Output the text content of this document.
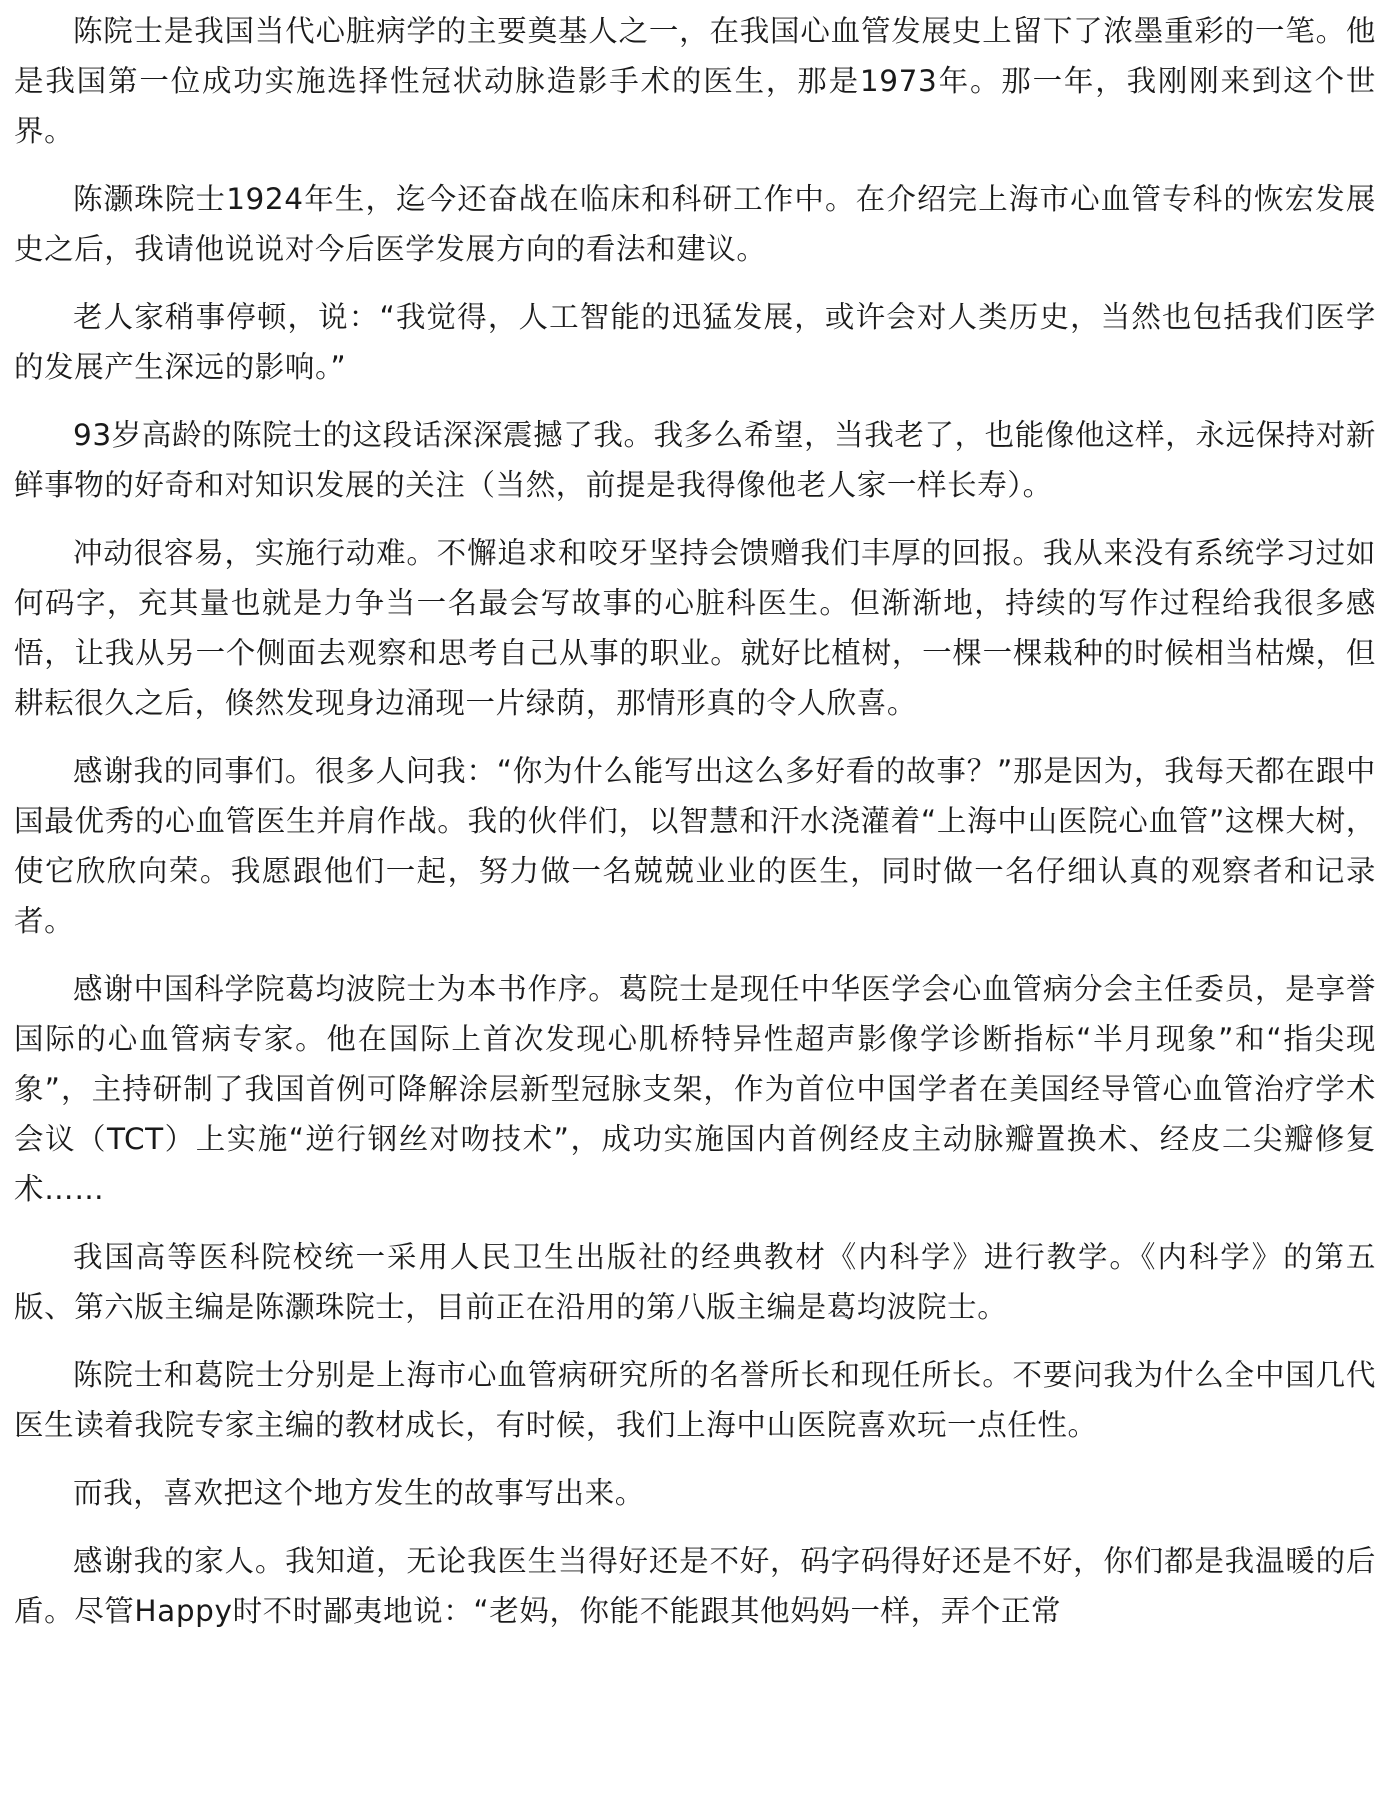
陈院士是我国当代心脏病学的主要奠基人之一，在我国心血管发展史上留下了浓墨重彩的一笔。他是我国第一位成功实施选择性冠状动脉造影手术的医生，那是1973年。那一年，我刚刚来到这个世界。

陈灏珠院士1924年生，迄今还奋战在临床和科研工作中。在介绍完上海市心血管专科的恢宏发展史之后，我请他说说对今后医学发展方向的看法和建议。

老人家稍事停顿，说：“我觉得，人工智能的迅猛发展，或许会对人类历史，当然也包括我们医学的发展产生深远的影响。”

93岁高龄的陈院士的这段话深深震撼了我。我多么希望，当我老了，也能像他这样，永远保持对新鲜事物的好奇和对知识发展的关注（当然，前提是我得像他老人家一样长寿）。

冲动很容易，实施行动难。不懈追求和咬牙坚持会馈赠我们丰厚的回报。我从来没有系统学习过如何码字，充其量也就是力争当一名最会写故事的心脏科医生。但渐渐地，持续的写作过程给我很多感悟，让我从另一个侧面去观察和思考自己从事的职业。就好比植树，一棵一棵栽种的时候相当枯燥，但耕耘很久之后，倏然发现身边涌现一片绿荫，那情形真的令人欣喜。

感谢我的同事们。很多人问我：“你为什么能写出这么多好看的故事？”那是因为，我每天都在跟中国最优秀的心血管医生并肩作战。我的伙伴们，以智慧和汗水浇灌着“上海中山医院心血管”这棵大树，使它欣欣向荣。我愿跟他们一起，努力做一名兢兢业业的医生，同时做一名仔细认真的观察者和记录者。

感谢中国科学院葛均波院士为本书作序。葛院士是现任中华医学会心血管病分会主任委员，是享誉国际的心血管病专家。他在国际上首次发现心肌桥特异性超声影像学诊断指标“半月现象”和“指尖现象”，主持研制了我国首例可降解涂层新型冠脉支架，作为首位中国学者在美国经导管心血管治疗学术会议（TCT）上实施“逆行钢丝对吻技术”，成功实施国内首例经皮主动脉瓣置换术、经皮二尖瓣修复术……

我国高等医科院校统一采用人民卫生出版社的经典教材《内科学》进行教学。《内科学》的第五版、第六版主编是陈灏珠院士，目前正在沿用的第八版主编是葛均波院士。

陈院士和葛院士分别是上海市心血管病研究所的名誉所长和现任所长。不要问我为什么全中国几代医生读着我院专家主编的教材成长，有时候，我们上海中山医院喜欢玩一点任性。

而我，喜欢把这个地方发生的故事写出来。

感谢我的家人。我知道，无论我医生当得好还是不好，码字码得好还是不好，你们都是我温暖的后盾。尽管Happy时不时鄙夷地说：“老妈，你能不能跟其他妈妈一样，弄个正常
